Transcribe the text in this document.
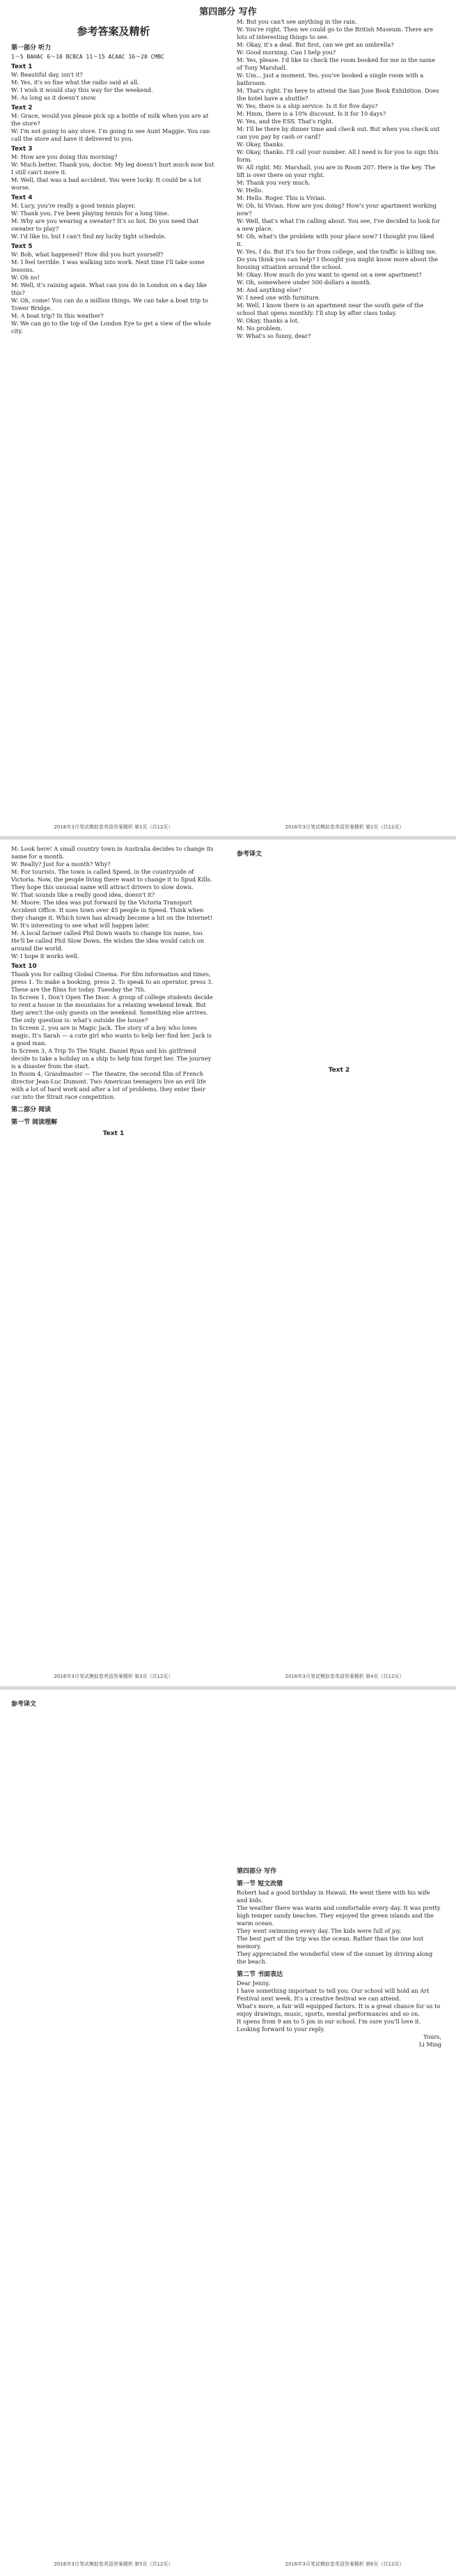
第四部分 写作
参考答案及精析
第一部分 听力

1～5 BAHAC 6～10 BCBCA 11～15 ACAAC 16～20 CMBC

Text 1

W: Beautiful day, isn't it?

M: Yes, it's so fine what the radio said at all.

W: I wish it would stay this way for the weekend.

M: As long as it doesn't snow.

Text 2

M: Grace, would you please pick up a bottle of milk when you are at the store?

W: I'm not going to any store. I'm going to see Aunt Maggie. You can call the store and have it delivered to you.

Text 3

M: How are you doing this morning?

W: Much better. Thank you, doctor. My leg doesn't hurt much now but I still can't move it.

M: Well, that was a bad accident. You were lucky. It could be a lot worse.

Text 4

M: Lucy, you're really a good tennis player.

W: Thank you. I've been playing tennis for a long time.

M: Why are you wearing a sweater? It's so hot. Do you need that sweater to play?

W: I'd like to, but I can't find my lucky tight schedule.

Text 5

W: Bob, what happened? How did you hurt yourself?

M: I feel terrible. I was walking into work. Next time I'll take some lessons.

W: Oh no!

M: Well, it's raining again. What can you do in London on a day like this?

W: Oh, come! You can do a million things. We can take a boat trip to Tower Bridge.

M: A boat trip? In this weather?

W: We can go to the top of the London Eye to get a view of the whole city.

M: But you can't see anything in the rain.

W: You're right. Then we could go to the British Museum. There are lots of interesting things to see.

M: Okay, it's a deal. But first, can we get an umbrella?

W: Good morning. Can I help you?

M: Yes, please. I'd like to check the room booked for me in the name of Tony Marshall.

W: Um... just a moment. Yes, you've booked a single room with a bathroom.

M: That's right. I'm here to attend the San Jose Book Exhibition. Does the hotel have a shuttle?

W: Yes, there is a ship service. Is it for five days?

M: Hmm, there is a 10% discount. Is it for 10 days?

W: Yes, and the ESS. That's right.

M: I'll be there by dinner time and check out. But when you check out can you pay by cash or card?

W: Okay, thanks.

W: Okay, thanks. I'll call your number. All I need is for you to sign this form.

W: All right. Mr. Marshall, you are in Room 207. Here is the key. The lift is over there on your right.

M: Thank you very much.

W: Hello.

M: Hello. Roger. This is Vivian.

W: Oh, hi Vivian. How are you doing? How's your apartment working now?

W: Well, that's what I'm calling about. You see, I've decided to look for a new place.

M: Oh, what's the problem with your place now? I thought you liked it.

W: Yes, I do. But it's too far from college, and the traffic is killing me. Do you think you can help? I thought you might know more about the housing situation around the school.

M: Okay. How much do you want to spend on a new apartment?

W: Oh, somewhere under 500 dollars a month.

M: And anything else?

W: I need one with furniture.

M: Well, I know there is an apartment near the south gate of the school that opens monthly. I'll stop by after class today.

W: Okay, thanks a lot.

M: No problem.

W: What's so funny, dear?

2016年3月笔试模拟卷英语答案精析 第1页（共12页）	2016年3月笔试模拟卷英语答案精析 第2页（共12页）

M: Look here! A small country town in Australia decides to change its name for a month.

W: Really? Just for a month? Why?

M: For tourists. The town is called Speed, in the countryside of Victoria. Now, the people living there want to change it to Spud Kills. They hope this unusual name will attract drivers to slow down.

W: That sounds like a really good idea, doesn't it?

M: Moore. The idea was put forward by the Victoria Transport Accident Office. It uses town over 45 people in Speed. Think when they change it. Which town has already become a hit on the Internet!

W: It's interesting to see what will happen later.

M: A local farmer called Phil Down wants to change his name, too. He'll be called Phil Slow Down. He wishes the idea would catch on around the world.

W: I hope it works well.

Text 10

Thank you for calling Global Cinema. For film information and times, press 1. To make a booking, press 2. To speak to an operator, press 3.

These are the films for today. Tuesday the 7th.

In Screen 1, Don't Open The Door. A group of college students decide to rent a house in the mountains for a relaxing weekend break. But they aren't the only guests on the weekend. Something else arrives. The only question is: what's outside the house?

In Screen 2, you are in Magic Jack. The story of a boy who loves magic. It's Sarah — a cute girl who wants to help her find her. Jack is a good man.

In Screen 3, A Trip To The Night. Daniel Ryan and his girlfriend decide to take a holiday on a ship to help him forget her. The journey is a disaster from the start.

In Room 4, Grandmaster — The theatre, the second film of French director Jean-Luc Dumont. Two American teenagers live an evil life with a lot of hard work and after a lot of problems, they enter their car into the Strait race competition.

第二部分 阅读
第一节 阅读理解
Text 1
参考译文
Text 2
2016年3月笔试模拟卷英语答案精析 第3页（共12页）	2016年3月笔试模拟卷英语答案精析 第4页（共12页）
参考译文
第四部分 写作
第一节 短文改错

Robert had a good birthday in Hawaii. He went there with his wife and kids.

The weather there was warm and comfortable every day. It was pretty high temper sandy beaches. They enjoyed the green islands and the warm ocean.

They went swimming every day. The kids were full of joy.

The best part of the trip was the ocean. Rather than the one lost memory.

They appreciated the wonderful view of the sunset by driving along the beach.

第二节 书面表达

Dear Jenny,

I have something important to tell you. Our school will hold an Art Festival next week. It's a creative festival we can attend.

What's more, a fair will equipped factors. It is a great chance for us to enjoy drawings, music, sports, mental performances and so on.

It opens from 9 am to 5 pm in our school. I'm sure you'll love it. Looking forward to your reply.

Yours,

Li Ming

2016年3月笔试模拟卷英语答案精析 第5页（共12页）	2016年3月笔试模拟卷英语答案精析 第6页（共12页）
